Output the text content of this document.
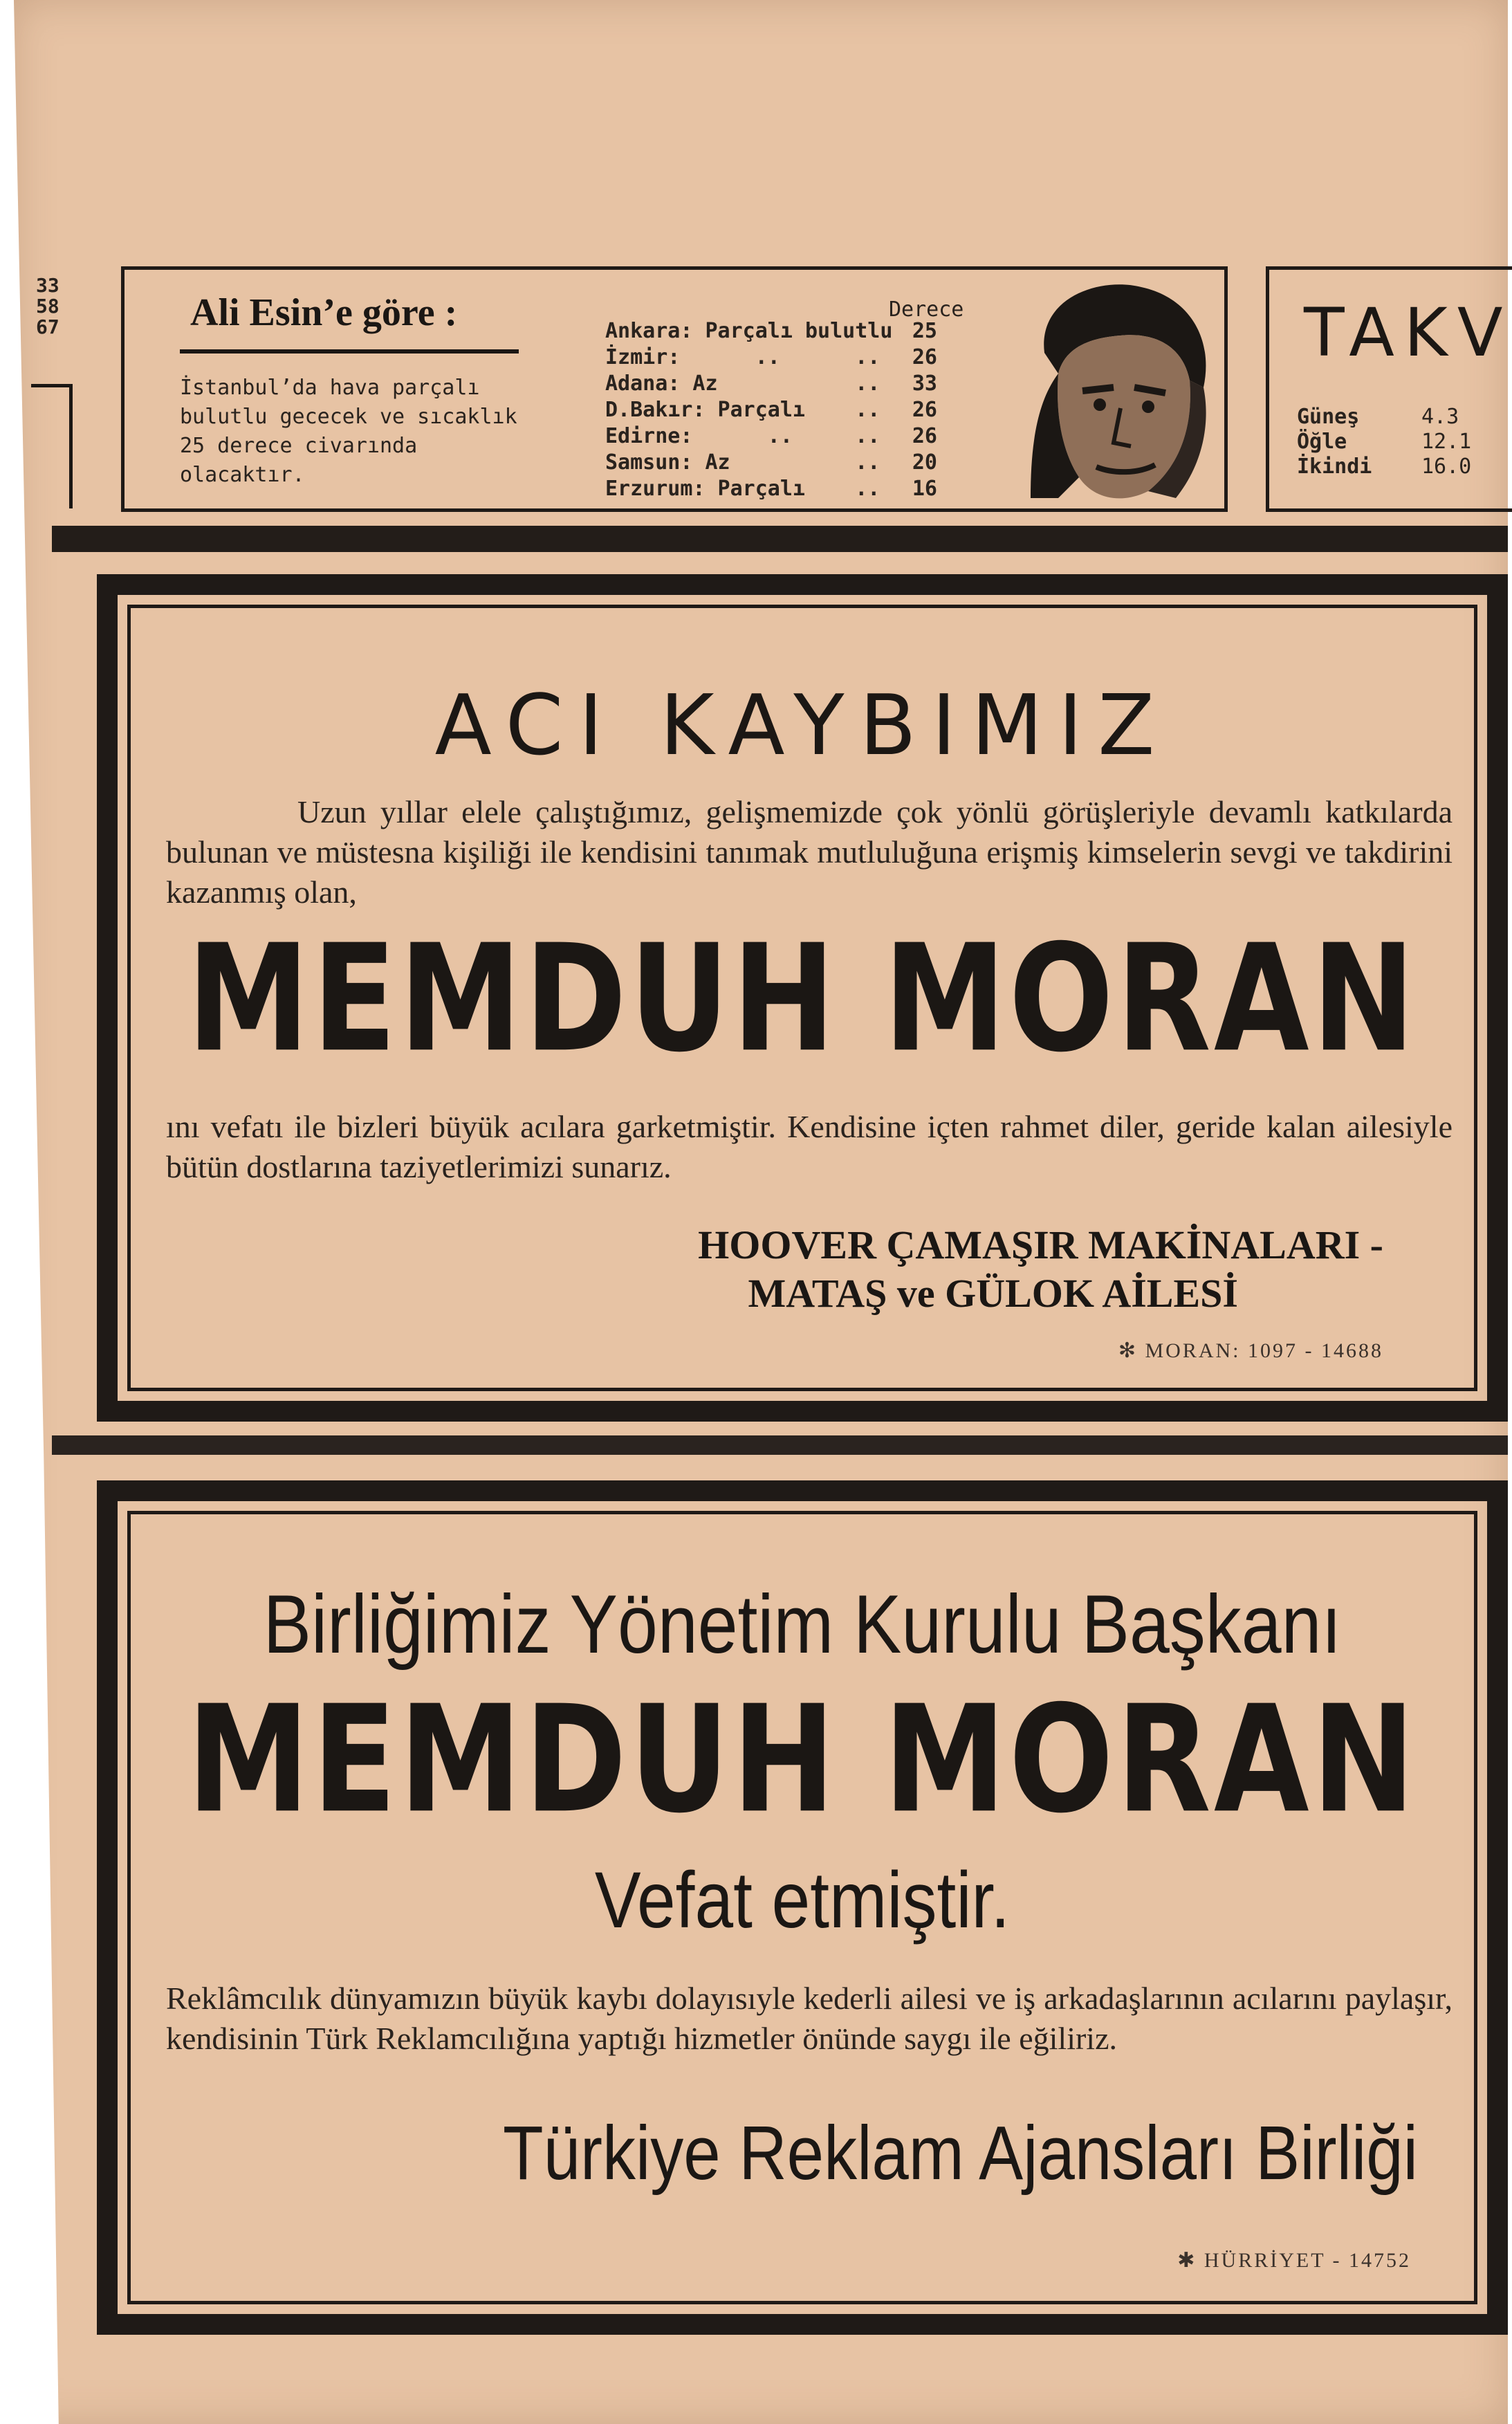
33
58
67	Ali Esin’e göre :
İstanbul’da hava parçalı bulutlu gececek ve sıcaklık 25 derece civarında olacaktır.
Derece
Ankara: Parçalı bulutlu 25
İzmir:      ..      ..	26
Adana: Az           ..	33
D.Bakır: Parçalı    ..	26
Edirne:      ..     ..	26
Samsun: Az          ..	20
Erzurum: Parçalı    ..	16
TAKV
Güneş	4.3
Öğle	12.1
İkindi	16.0
ACI KAYBIMIZ
Uzun yıllar elele çalıştığımız, gelişmemizde çok yönlü görüşleriyle devamlı katkılarda bulunan ve müstesna kişiliği ile kendisini tanımak mutluluğuna erişmiş kimselerin sevgi ve takdirini kazanmış olan,
MEMDUH MORAN
ını vefatı ile bizleri büyük acılara garketmiştir. Kendisine içten rahmet diler, geride kalan ailesiyle bütün dostlarına taziyetlerimizi sunarız.
HOOVER ÇAMAŞIR MAKİNALARI -
MATAŞ ve GÜLOK AİLESİ
✻ MORAN: 1097 - 14688
Birliğimiz Yönetim Kurulu Başkanı
MEMDUH MORAN
Vefat etmiştir.
Reklâmcılık dünyamızın büyük kaybı dolayısıyle kederli ailesi ve iş arkadaşlarının acılarını paylaşır, kendisinin Türk Reklamcılığına yaptığı hizmetler önünde saygı ile eğiliriz.
Türkiye Reklam Ajansları Birliği
✱ HÜRRİYET - 14752
